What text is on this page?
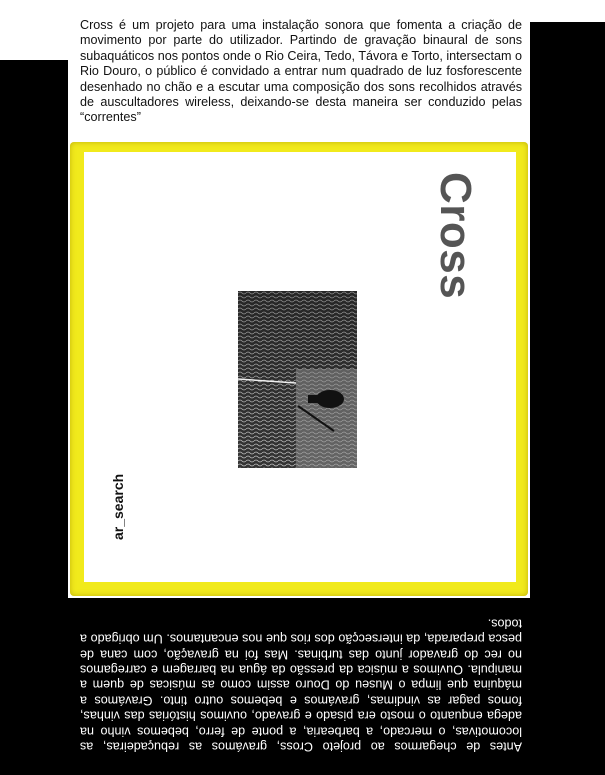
Cross é um projeto para uma instalação sonora que fomenta a criação de movimento por parte do utilizador. Partindo de gravação binaural de sons subaquáticos nos pontos onde o Rio Ceira, Tedo, Távora e Torto, intersectam o Rio Douro, o público é convidado a entrar num quadrado de luz fosforescente desenhado no chão e a escutar uma composição dos sons recolhidos através de auscultadores wireless, deixando-se desta maneira ser conduzido pelas “correntes”

Cross
ar_search

Antes de chegarmos ao projeto Cross, gravámos as rebuçadeiras, as locomotivas, o mercado, a barbearia, a ponte de ferro, bebemos vinho na adega enquanto o mosto era pisado e gravado, ouvimos histórias das vinhas, fomos pagar as vindimas, gravámos e bebemos outro tinto. Gravámos a máquina que limpa o Museu do Douro assim como as músicas de quem a manipula. Ouvimos a música da pressão da água na barragem e carregamos no rec do gravador junto das turbinas. Mas foi na gravação, com cana de pesca preparada, da intersecção dos rios que nos encantamos. Um obrigado a todos.
